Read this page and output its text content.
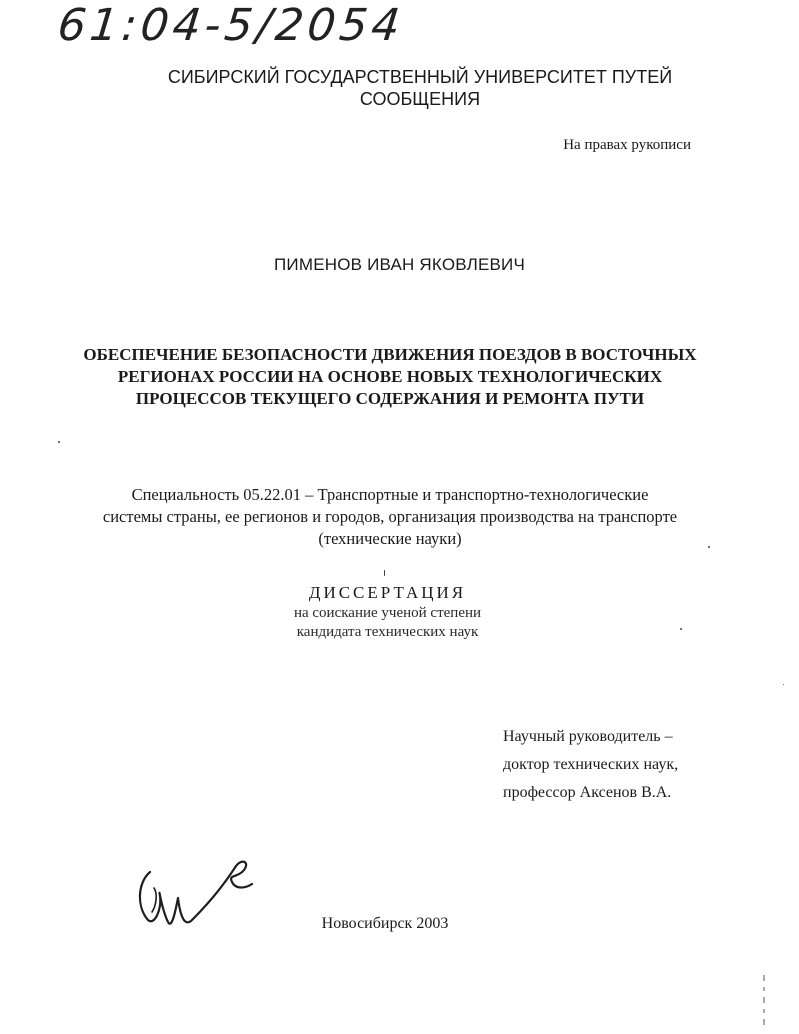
61:04-5/2054
СИБИРСКИЙ ГОСУДАРСТВЕННЫЙ УНИВЕРСИТЕТ ПУТЕЙ СООБЩЕНИЯ
На правах рукописи
ПИМЕНОВ ИВАН ЯКОВЛЕВИЧ
ОБЕСПЕЧЕНИЕ БЕЗОПАСНОСТИ ДВИЖЕНИЯ ПОЕЗДОВ В ВОСТОЧНЫХ РЕГИОНАХ РОССИИ НА ОСНОВЕ НОВЫХ ТЕХНОЛОГИЧЕСКИХ ПРОЦЕССОВ ТЕКУЩЕГО СОДЕРЖАНИЯ И РЕМОНТА ПУТИ
Специальность 05.22.01 – Транспортные и транспортно-технологические системы страны, ее регионов и городов, организация производства на транспорте (технические науки)
ДИССЕРТАЦИЯ
на соискание ученой степени
кандидата технических наук
Научный руководитель –
доктор технических наук,
профессор Аксенов В.А.
Новосибирск 2003
